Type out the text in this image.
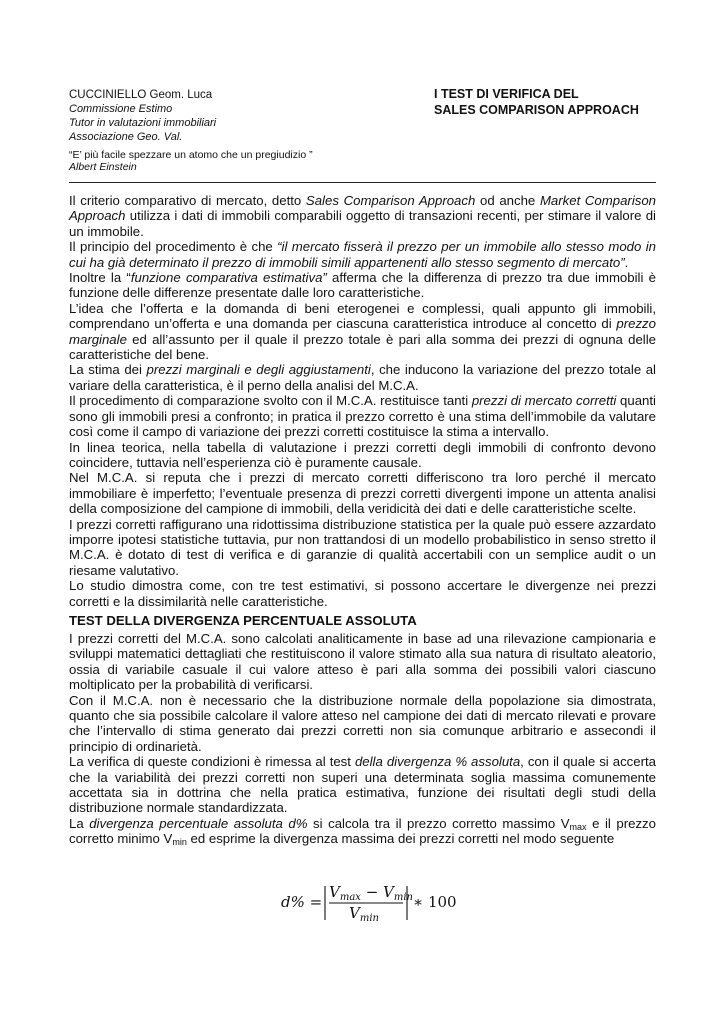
CUCCINIELLO Geom. Luca
Commissione Estimo
Tutor in valutazioni immobiliari
Associazione Geo. Val.
“E’ più facile spezzare un atomo che un pregiudizio ”
Albert Einstein
I TEST DI VERIFICA DEL
SALES COMPARISON APPROACH

Il criterio comparativo di mercato, detto Sales Comparison Approach od anche Market Comparison Approach utilizza i dati di immobili comparabili oggetto di transazioni recenti, per stimare il valore di un immobile.

Il principio del procedimento è che “il mercato fisserà il prezzo per un immobile allo stesso modo in cui ha già determinato il prezzo di immobili simili appartenenti allo stesso segmento di mercato”.

Inoltre la “funzione comparativa estimativa” afferma che la differenza di prezzo tra due immobili è funzione delle differenze presentate dalle loro caratteristiche.

L’idea che l’offerta e la domanda di beni eterogenei e complessi, quali appunto gli immobili, comprendano un’offerta e una domanda per ciascuna caratteristica introduce al concetto di prezzo marginale ed all’assunto per il quale il prezzo totale è pari alla somma dei prezzi di ognuna delle caratteristiche del bene.

La stima dei prezzi marginali e degli aggiustamenti, che inducono la variazione del prezzo totale al variare della caratteristica, è il perno della analisi del M.C.A.

Il procedimento di comparazione svolto con il M.C.A. restituisce tanti prezzi di mercato corretti quanti sono gli immobili presi a confronto; in pratica il prezzo corretto è una stima dell’immobile da valutare così come il campo di variazione dei prezzi corretti costituisce la stima a intervallo.

In linea teorica, nella tabella di valutazione i prezzi corretti degli immobili di confronto devono coincidere, tuttavia nell’esperienza ciò è puramente causale.

Nel M.C.A. si reputa che i prezzi di mercato corretti differiscono tra loro perché il mercato immobiliare è imperfetto; l’eventuale presenza di prezzi corretti divergenti impone un attenta analisi della composizione del campione di immobili, della veridicità dei dati e delle caratteristiche scelte.

I prezzi corretti raffigurano una ridottissima distribuzione statistica per la quale può essere azzardato imporre ipotesi statistiche tuttavia, pur non trattandosi di un modello probabilistico in senso stretto il M.C.A. è dotato di test di verifica e di garanzie di qualità accertabili con un semplice audit o un riesame valutativo.

Lo studio dimostra come, con tre test estimativi, si possono accertare le divergenze nei prezzi corretti e la dissimilarità nelle caratteristiche.

TEST DELLA DIVERGENZA PERCENTUALE ASSOLUTA

I prezzi corretti del M.C.A. sono calcolati analiticamente in base ad una rilevazione campionaria e sviluppi matematici dettagliati che restituiscono il valore stimato alla sua natura di risultato aleatorio, ossia di variabile casuale il cui valore atteso è pari alla somma dei possibili valori ciascuno moltiplicato per la probabilità di verificarsi.

Con il M.C.A. non è necessario che la distribuzione normale della popolazione sia dimostrata, quanto che sia possibile calcolare il valore atteso nel campione dei dati di mercato rilevati e provare che l’intervallo di stima generato dai prezzi corretti non sia comunque arbitrario e assecondi il principio di ordinarietà.

La verifica di queste condizioni è rimessa al test della divergenza % assoluta, con il quale si accerta che la variabilità dei prezzi corretti non superi una determinata soglia massima comunemente accettata sia in dottrina che nella pratica estimativa, funzione dei risultati degli studi della distribuzione normale standardizzata.

La divergenza percentuale assoluta d% si calcola tra il prezzo corretto massimo $V_{max}$ e il prezzo corretto minimo $V_{min}$ ed esprime la divergenza massima dei prezzi corretti nel modo seguente

d% =
$V_{max} - V_{min}$
$V_{min}$
∗ 100
